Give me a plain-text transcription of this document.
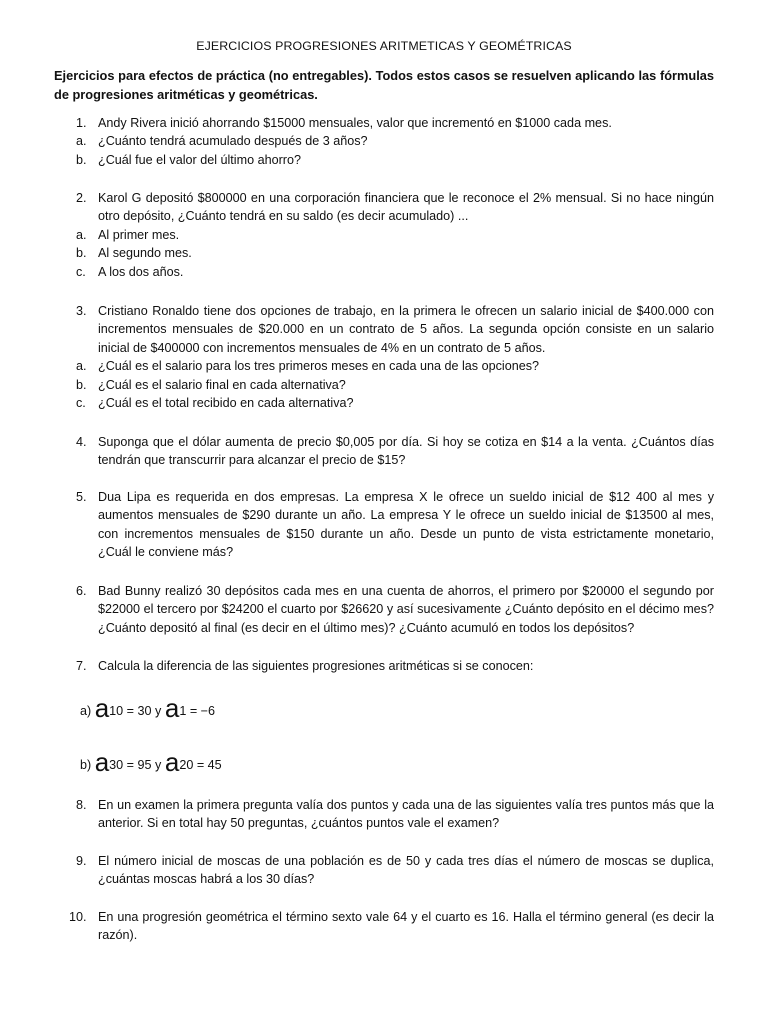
EJERCICIOS PROGRESIONES ARITMETICAS Y GEOMÉTRICAS
Ejercicios para efectos de práctica (no entregables). Todos estos casos se resuelven aplicando las fórmulas de progresiones aritméticas y geométricas.
1. Andy Rivera inició ahorrando $15000 mensuales, valor que incrementó en $1000 cada mes.
a. ¿Cuánto tendrá acumulado después de 3 años?
b. ¿Cuál fue el valor del último ahorro?
2. Karol G depositó $800000 en una corporación financiera que le reconoce el 2% mensual. Si no hace ningún otro depósito, ¿Cuánto tendrá en su saldo (es decir acumulado) ...
a. Al primer mes.
b. Al segundo mes.
c. A los dos años.
3. Cristiano Ronaldo tiene dos opciones de trabajo, en la primera le ofrecen un salario inicial de $400.000 con incrementos mensuales de $20.000 en un contrato de 5 años. La segunda opción consiste en un salario inicial de $400000 con incrementos mensuales de 4% en un contrato de 5 años.
a. ¿Cuál es el salario para los tres primeros meses en cada una de las opciones?
b. ¿Cuál es el salario final en cada alternativa?
c. ¿Cuál es el total recibido en cada alternativa?
4. Suponga que el dólar aumenta de precio $0,005 por día. Si hoy se cotiza en $14 a la venta. ¿Cuántos días tendrán que transcurrir para alcanzar el precio de $15?
5. Dua Lipa es requerida en dos empresas. La empresa X le ofrece un sueldo inicial de $12 400 al mes y aumentos mensuales de $290 durante un año. La empresa Y le ofrece un sueldo inicial de $13500 al mes, con incrementos mensuales de $150 durante un año. Desde un punto de vista estrictamente monetario, ¿Cuál le conviene más?
6. Bad Bunny realizó 30 depósitos cada mes en una cuenta de ahorros, el primero por $20000 el segundo por $22000 el tercero por $24200 el cuarto por $26620 y así sucesivamente ¿Cuánto depósito en el décimo mes? ¿Cuánto depositó al final (es decir en el último mes)? ¿Cuánto acumuló en todos los depósitos?
7. Calcula la diferencia de las siguientes progresiones aritméticas si se conocen:
a) a10 = 30 y a1 = −6
b) a30 = 95 y a20 = 45
8. En un examen la primera pregunta valía dos puntos y cada una de las siguientes valía tres puntos más que la anterior. Si en total hay 50 preguntas, ¿cuántos puntos vale el examen?
9. El número inicial de moscas de una población es de 50 y cada tres días el número de moscas se duplica, ¿cuántas moscas habrá a los 30 días?
10. En una progresión geométrica el término sexto vale 64 y el cuarto es 16. Halla el término general (es decir la razón).
